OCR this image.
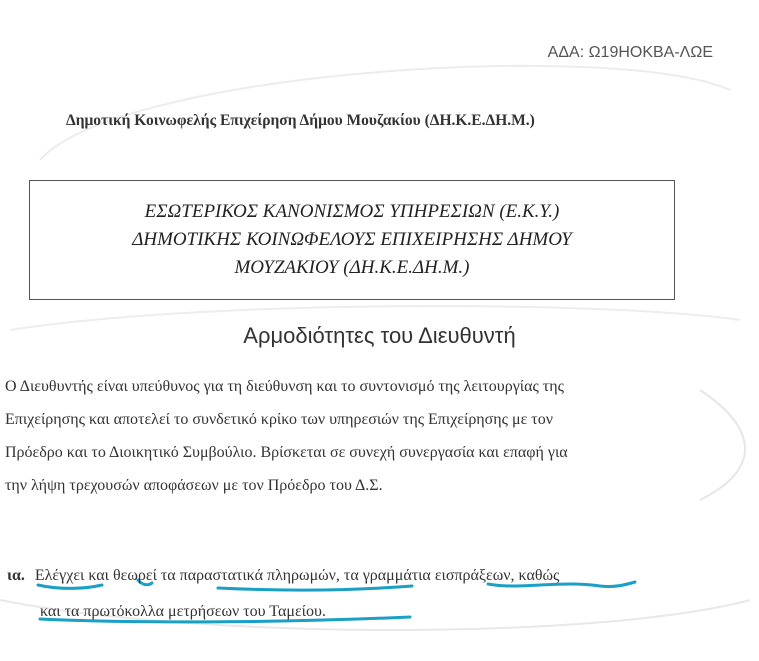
ΑΔΑ: Ω19ΗΟΚΒΑ-ΛΩΕ
Δημοτική Κοινωφελής Επιχείρηση Δήμου Μουζακίου (ΔΗ.Κ.Ε.ΔΗ.Μ.)
ΕΣΩΤΕΡΙΚΟΣ ΚΑΝΟΝΙΣΜΟΣ ΥΠΗΡΕΣΙΩΝ (Ε.Κ.Υ.)
ΔΗΜΟΤΙΚΗΣ ΚΟΙΝΩΦΕΛΟΥΣ ΕΠΙΧΕΙΡΗΣΗΣ ΔΗΜΟΥ
ΜΟΥΖΑΚΙΟΥ (ΔΗ.Κ.Ε.ΔΗ.Μ.)
Αρμοδιότητες του Διευθυντή
Ο Διευθυντής είναι υπεύθυνος για τη διεύθυνση και το συντονισμό της λειτουργίας της
Επιχείρησης και αποτελεί το συνδετικό κρίκο των υπηρεσιών της Επιχείρησης με τον
Πρόεδρο και το Διοικητικό Συμβούλιο. Βρίσκεται σε συνεχή συνεργασία και επαφή για
την λήψη τρεχουσών αποφάσεων με τον Πρόεδρο του Δ.Σ.
ια. Ελέγχει και θεωρεί τα παραστατικά πληρωμών, τα γραμμάτια εισπράξεων, καθώς
και τα πρωτόκολλα μετρήσεων του Ταμείου.
